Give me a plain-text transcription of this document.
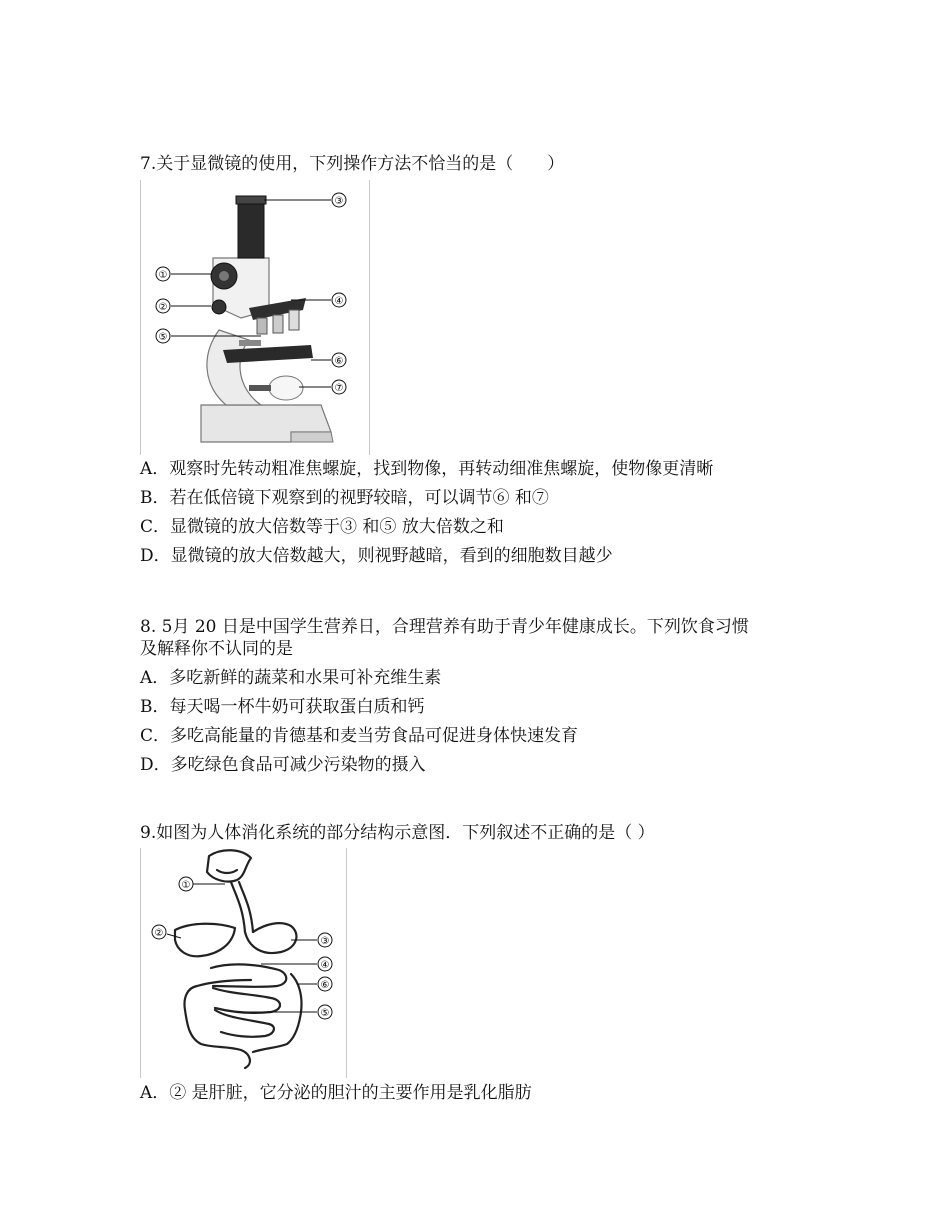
7.关于显微镜的使用，下列操作方法不恰当的是（　　）
③
①
②
④
⑤
⑥
⑦
A．观察时先转动粗准焦螺旋，找到物像，再转动细准焦螺旋，使物像更清晰
B．若在低倍镜下观察到的视野较暗，可以调节⑥ 和⑦
C．显微镜的放大倍数等于③ 和⑤ 放大倍数之和
D．显微镜的放大倍数越大，则视野越暗，看到的细胞数目越少
8. 5月 20 日是中国学生营养日，合理营养有助于青少年健康成长。下列饮食习惯
及解释你不认同的是
A．多吃新鲜的蔬菜和水果可补充维生素
B．每天喝一杯牛奶可获取蛋白质和钙
C．多吃高能量的肯德基和麦当劳食品可促进身体快速发育
D．多吃绿色食品可减少污染物的摄入
9.如图为人体消化系统的部分结构示意图．下列叙述不正确的是（ ）
①
②
③
④
⑥
⑤
A．② 是肝脏，它分泌的胆汁的主要作用是乳化脂肪
